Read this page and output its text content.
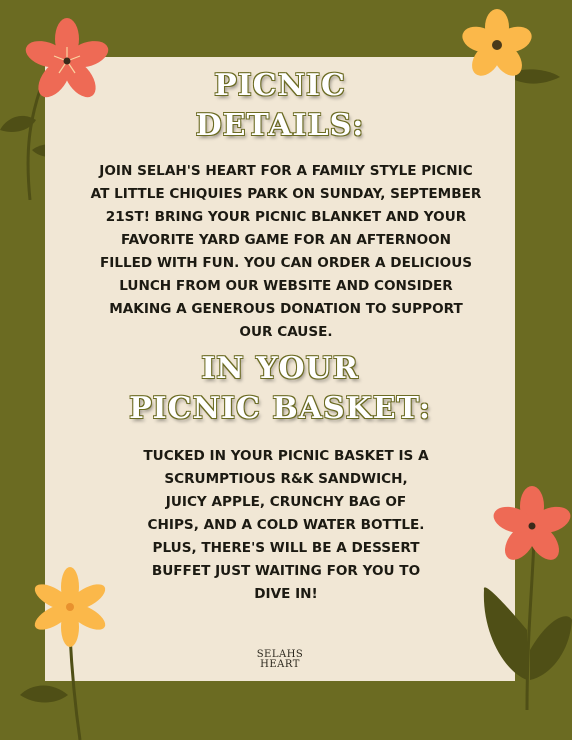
PICNIC
DETAILS:
JOIN SELAH'S HEART FOR A FAMILY STYLE PICNIC
AT LITTLE CHIQUIES PARK ON SUNDAY, SEPTEMBER
21ST! BRING YOUR PICNIC BLANKET AND YOUR
FAVORITE YARD GAME FOR AN AFTERNOON
FILLED WITH FUN. YOU CAN ORDER A DELICIOUS
LUNCH FROM OUR WEBSITE AND CONSIDER
MAKING A GENEROUS DONATION TO SUPPORT
OUR CAUSE.
IN YOUR
PICNIC BASKET:
TUCKED IN YOUR PICNIC BASKET IS A
SCRUMPTIOUS R&K SANDWICH,
JUICY APPLE, CRUNCHY BAG OF
CHIPS, AND A COLD WATER BOTTLE.
PLUS, THERE'S WILL BE A DESSERT
BUFFET JUST WAITING FOR YOU TO
DIVE IN!
SELAHS
HEART
